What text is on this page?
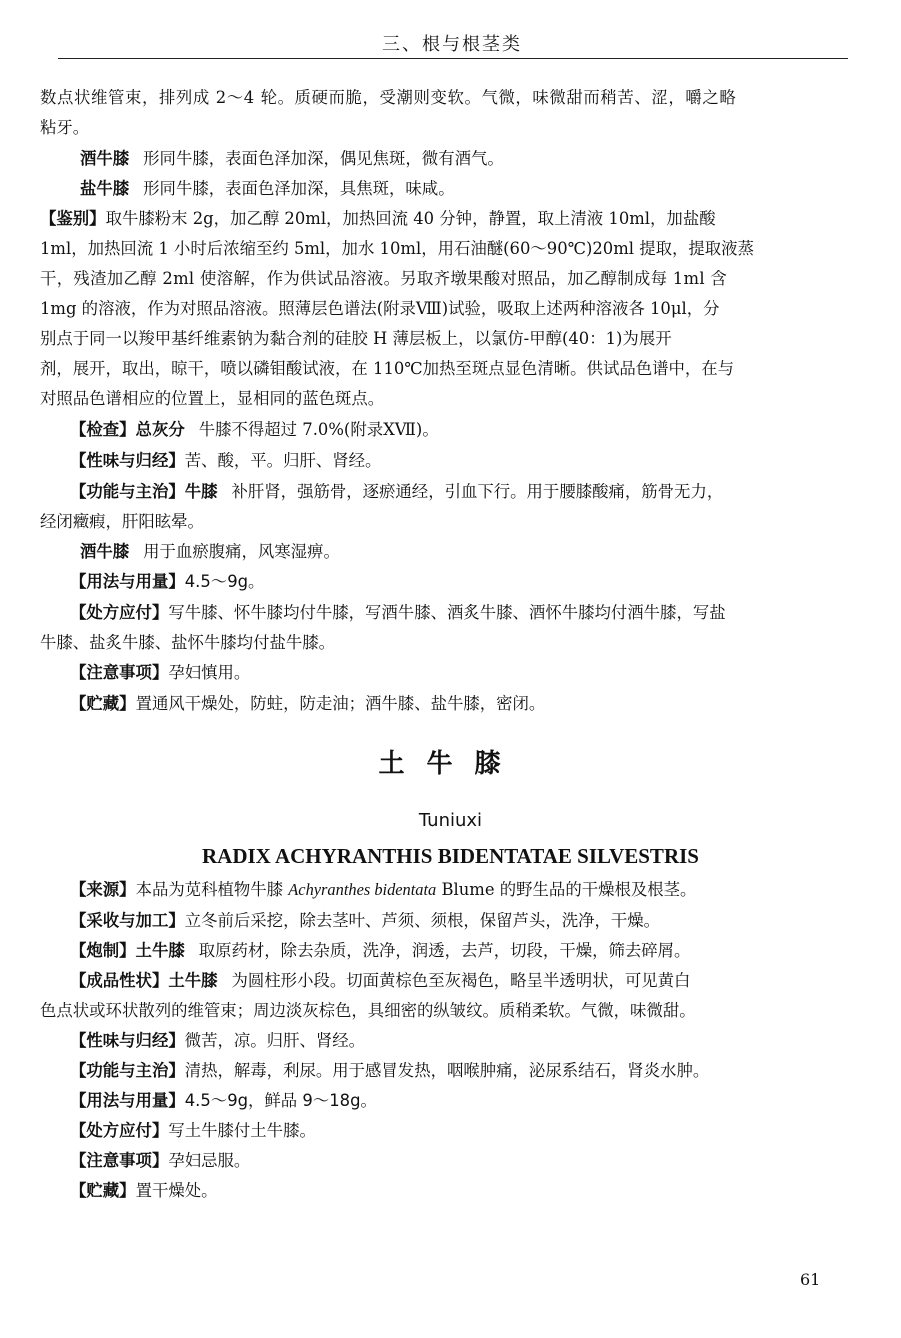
三、根与根茎类
数点状维管束，排列成 2～4 轮。质硬而脆，受潮则变软。气微，味微甜而稍苦、涩，嚼之略
粘牙。
酒牛膝 形同牛膝，表面色泽加深，偶见焦斑，微有酒气。
盐牛膝 形同牛膝，表面色泽加深，具焦斑，味咸。
【鉴别】取牛膝粉末 2g，加乙醇 20ml，加热回流 40 分钟，静置，取上清液 10ml，加盐酸
1ml，加热回流 1 小时后浓缩至约 5ml，加水 10ml，用石油醚(60～90℃)20ml 提取，提取液蒸
干，残渣加乙醇 2ml 使溶解，作为供试品溶液。另取齐墩果酸对照品，加乙醇制成每 1ml 含
1mg 的溶液，作为对照品溶液。照薄层色谱法(附录Ⅷ)试验，吸取上述两种溶液各 10μl，分
别点于同一以羧甲基纤维素钠为黏合剂的硅胶 H 薄层板上，以氯仿-甲醇(40：1)为展开
剂，展开，取出，晾干，喷以磷钼酸试液，在 110℃加热至斑点显色清晰。供试品色谱中，在与
对照品色谱相应的位置上，显相同的蓝色斑点。
【检查】总灰分 牛膝不得超过 7.0%(附录ⅩⅦ)。
【性味与归经】苦、酸，平。归肝、肾经。
【功能与主治】牛膝 补肝肾，强筋骨，逐瘀通经，引血下行。用于腰膝酸痛，筋骨无力，
经闭癥瘕，肝阳眩晕。
酒牛膝 用于血瘀腹痛，风寒湿痹。
【用法与用量】4.5～9g。
【处方应付】写牛膝、怀牛膝均付牛膝，写酒牛膝、酒炙牛膝、酒怀牛膝均付酒牛膝，写盐
牛膝、盐炙牛膝、盐怀牛膝均付盐牛膝。
【注意事项】孕妇慎用。
【贮藏】置通风干燥处，防蛀，防走油；酒牛膝、盐牛膝，密闭。
土牛膝
Tuniuxi
RADIX ACHYRANTHIS BIDENTATAE SILVESTRIS
【来源】本品为苋科植物牛膝 Achyranthes bidentata Blume 的野生品的干燥根及根茎。
【采收与加工】立冬前后采挖，除去茎叶、芦须、须根，保留芦头，洗净，干燥。
【炮制】土牛膝 取原药材，除去杂质，洗净，润透，去芦，切段，干燥，筛去碎屑。
【成品性状】土牛膝 为圆柱形小段。切面黄棕色至灰褐色，略呈半透明状，可见黄白
色点状或环状散列的维管束；周边淡灰棕色，具细密的纵皱纹。质稍柔软。气微，味微甜。
【性味与归经】微苦，凉。归肝、肾经。
【功能与主治】清热，解毒，利尿。用于感冒发热，咽喉肿痛，泌尿系结石，肾炎水肿。
【用法与用量】4.5～9g，鲜品 9～18g。
【处方应付】写土牛膝付土牛膝。
【注意事项】孕妇忌服。
【贮藏】置干燥处。
61
